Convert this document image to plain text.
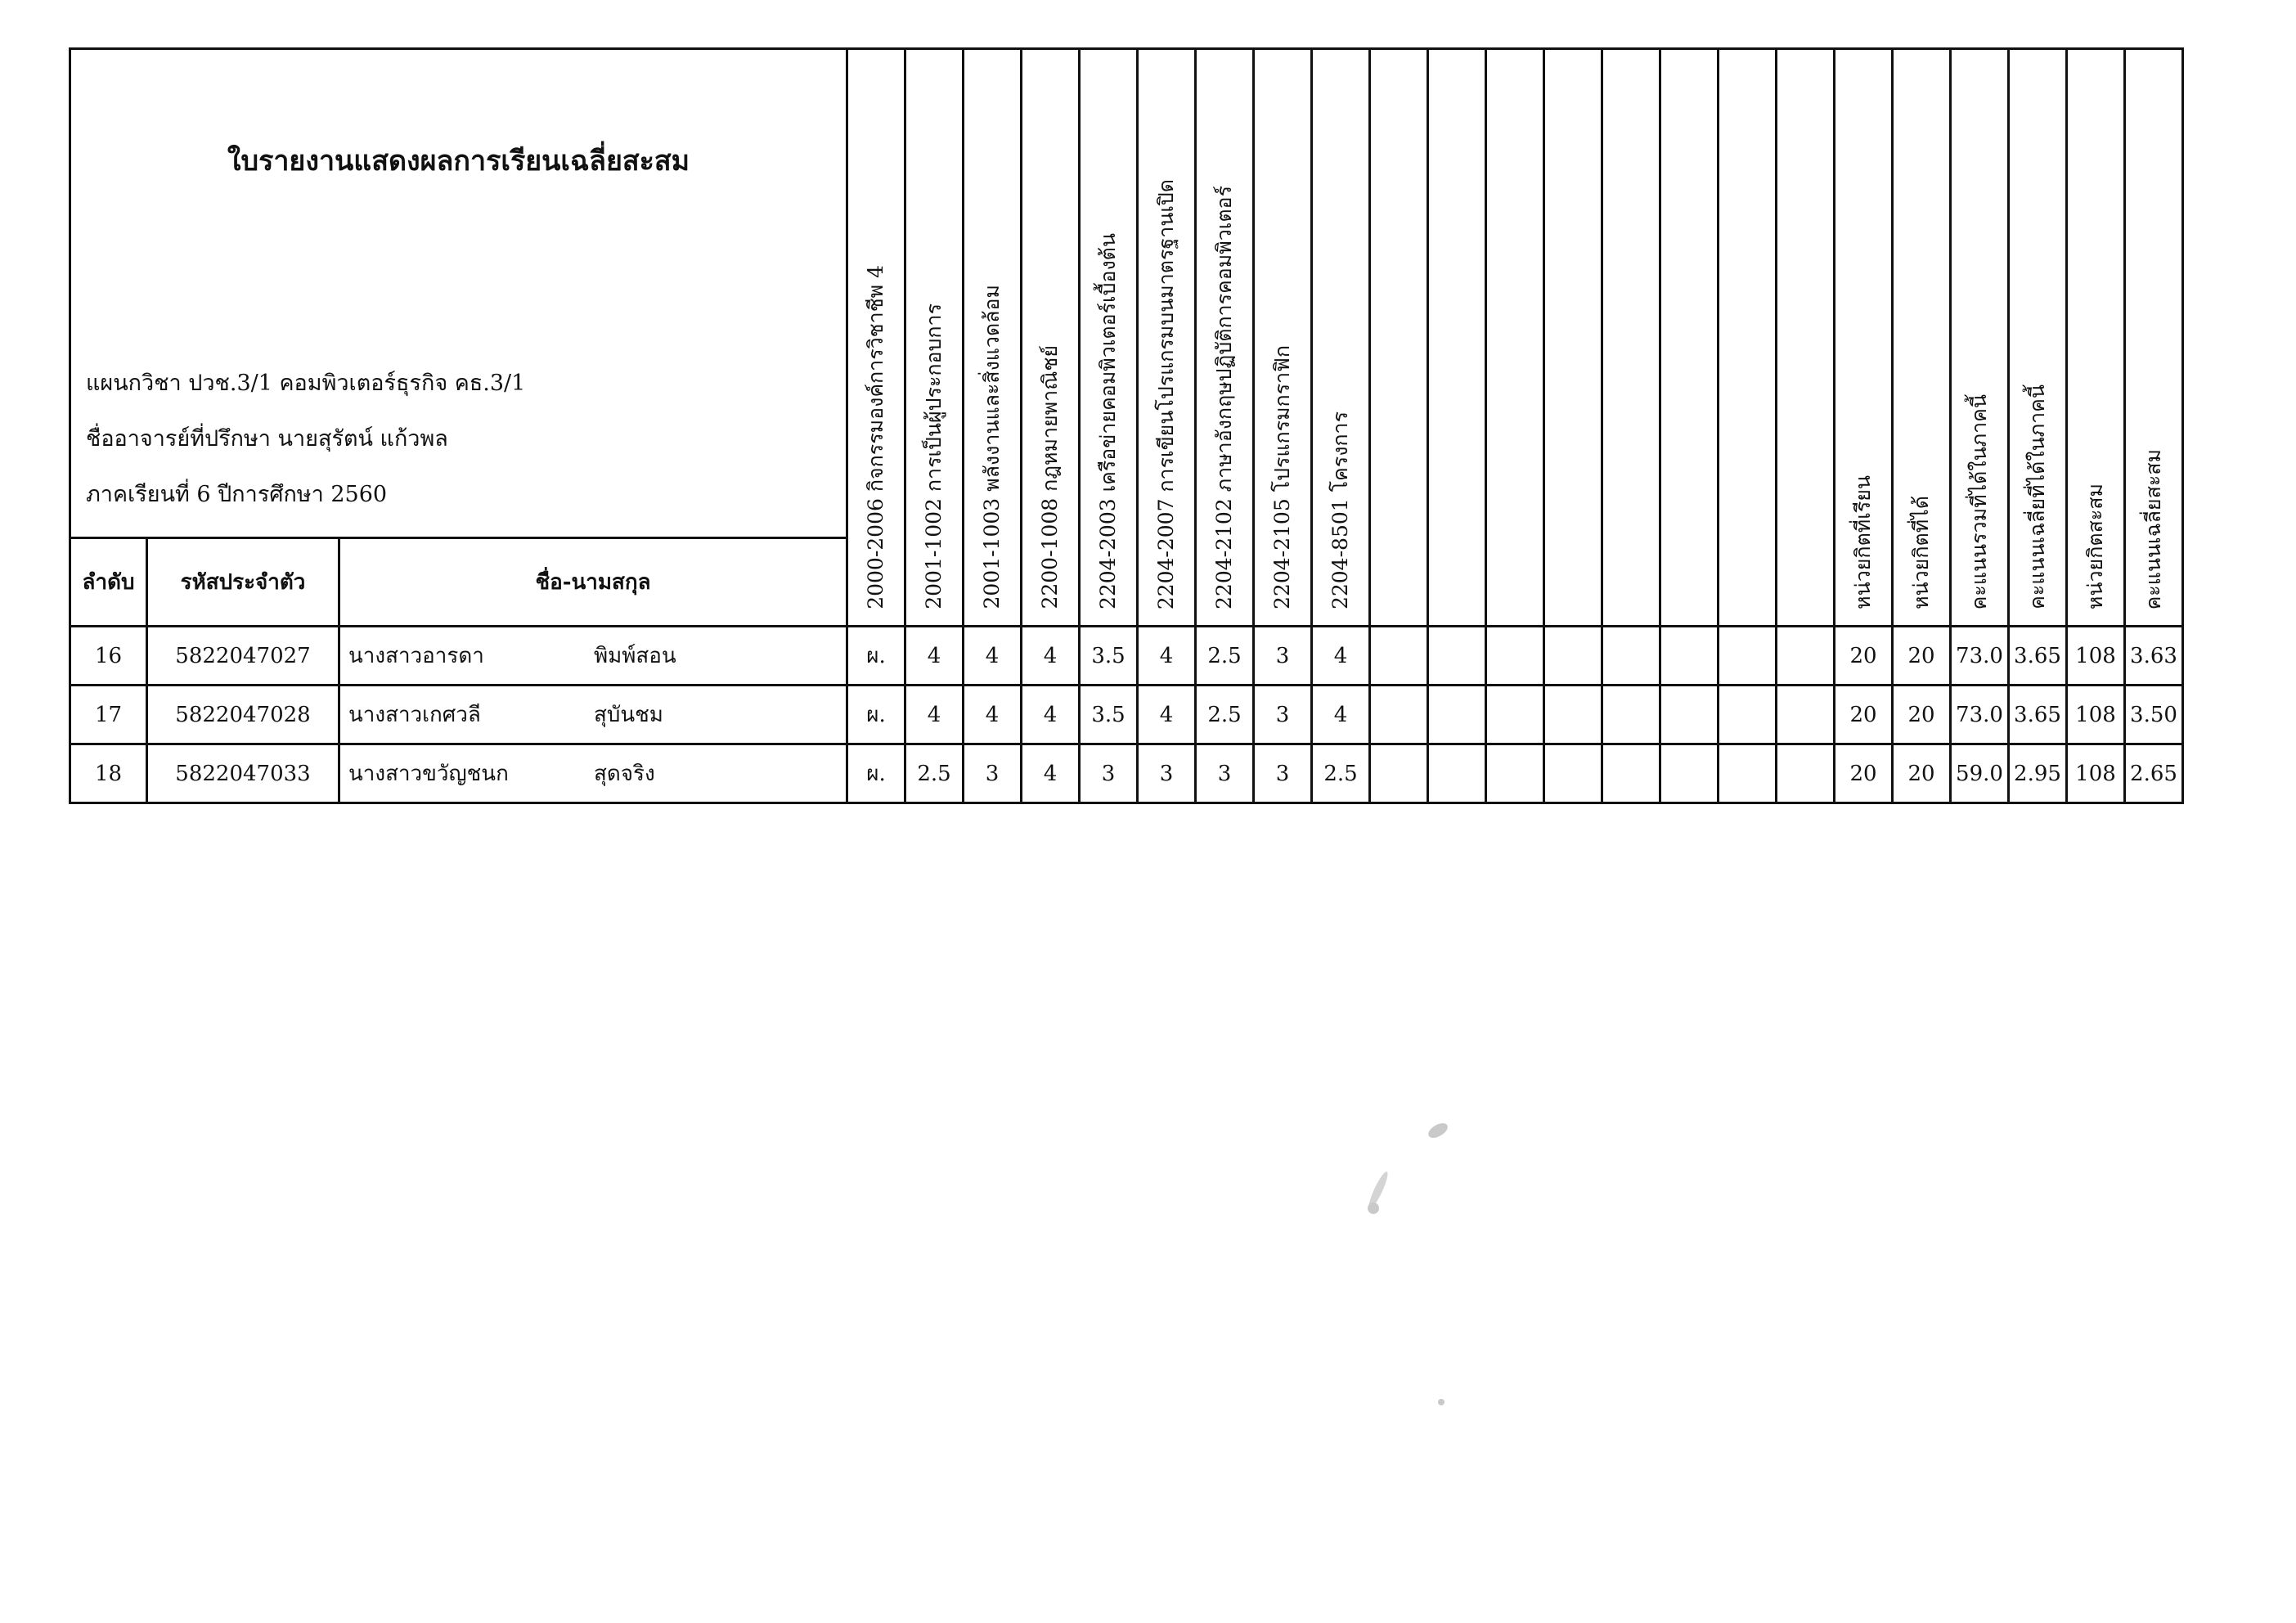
ใบรายงานแสดงผลการเรียนเฉลี่ยสะสม
แผนกวิชา ปวช.3/1 คอมพิวเตอร์ธุรกิจ คธ.3/1
ชื่ออาจารย์ที่ปรึกษา นายสุรัตน์ แก้วพล
ภาคเรียนที่ 6 ปีการศึกษา 2560			2000-2006 กิจกรรมองค์การวิชาชีพ 4	2001-1002 การเป็นผู้ประกอบการ	2001-1003 พลังงานและสิ่งแวดล้อม	2200-1008 กฎหมายพาณิชย์	2204-2003 เครือข่ายคอมพิวเตอร์เบื้องต้น	2204-2007 การเขียนโปรแกรมบนมาตรฐานเปิด	2204-2102 ภาษาอังกฤษปฏิบัติการคอมพิวเตอร์	2204-2105 โปรแกรมกราฟิก	2204-8501 โครงการ									หน่วยกิตที่เรียน	หน่วยกิตที่ได้	คะแนนรวมที่ได้ในภาคนี้	คะแนนเฉลี่ยที่ได้ในภาคนี้	หน่วยกิตสะสม	คะแนนเฉลี่ยสะสม
ลำดับ	รหัสประจำตัว	ชื่อ-นามสกุล																							
16	5822047027	นางสาวอารดา พิมพ์สอน	ผ.	4	4	4	3.5	4	2.5	3	4									20	20	73.0	3.65	108	3.63
17	5822047028	นางสาวเกศวลี สุบันชม	ผ.	4	4	4	3.5	4	2.5	3	4									20	20	73.0	3.65	108	3.50
18	5822047033	นางสาวขวัญชนก สุดจริง	ผ.	2.5	3	4	3	3	3	3	2.5									20	20	59.0	2.95	108	2.65
